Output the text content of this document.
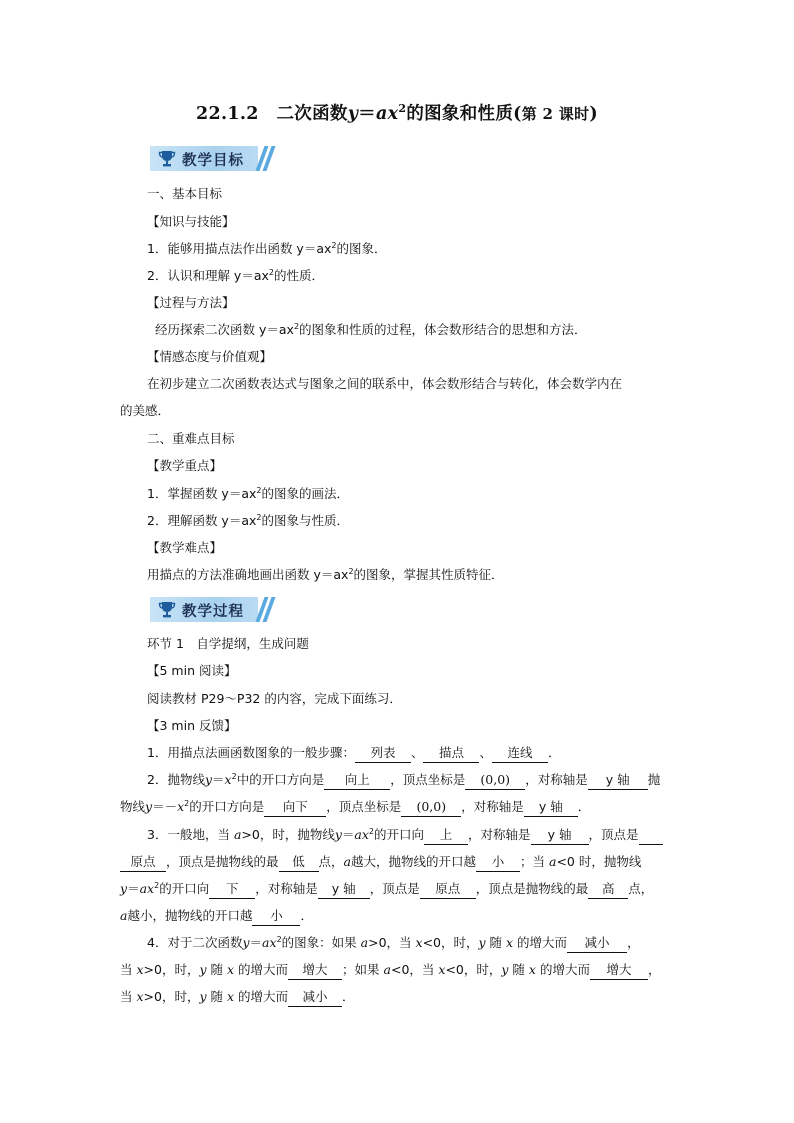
22.1.2　二次函数$y=ax^2$的图象和性质(第 2 课时)
教学目标
一、基本目标
【知识与技能】
1．能够用描点法作出函数 $y=ax^2$的图象．
2．认识和理解 $y=ax^2$的性质．
【过程与方法】
经历探索二次函数 $y=ax^2$的图象和性质的过程，体会数形结合的思想和方法．
【情感态度与价值观】
在初步建立二次函数表达式与图象之间的联系中，体会数形结合与转化，体会数学内在
的美感．
二、重难点目标
【教学重点】
1．掌握函数 $y=ax^2$的图象的画法．
2．理解函数 $y=ax^2$的图象与性质．
【教学难点】
用描点的方法准确地画出函数 $y=ax^2$的图象，掌握其性质特征．
教学过程
环节 1　自学提纲，生成问题
【5 min 阅读】
阅读教材 P29～P32 的内容，完成下面练习．
【3 min 反馈】
1．用描点法画函数图象的一般步骤： 列表 、 描点 、 连线 ．
2．抛物线$y=x^2$中的开口方向是 向上 ，顶点坐标是 (0,0) ，对称轴是 y 轴 抛
物线$y=-x^2$的开口方向是 向下 ，顶点坐标是 (0,0) ，对称轴是 y 轴 ．
3．一般地，当 a>0，时，抛物线$y=ax^2$的开口向 上 ，对称轴是 y 轴 ，顶点是
原点 ，顶点是抛物线的最 低 点，a越大，抛物线的开口越 小 ；当 a<0 时，抛物线
$y=ax^2$的开口向 下 ，对称轴是 y 轴 ，顶点是 原点 ，顶点是抛物线的最 高 点，
a越小，抛物线的开口越 小 ．
4．对于二次函数$y=ax^2$的图象：如果 a>0，当 x<0，时，y 随 x 的增大而 减小 ，
当 x>0，时，y 随 x 的增大而 增大 ；如果 a<0，当 x<0，时，y 随 x 的增大而 增大 ，
当 x>0，时，y 随 x 的增大而 减小 ．
